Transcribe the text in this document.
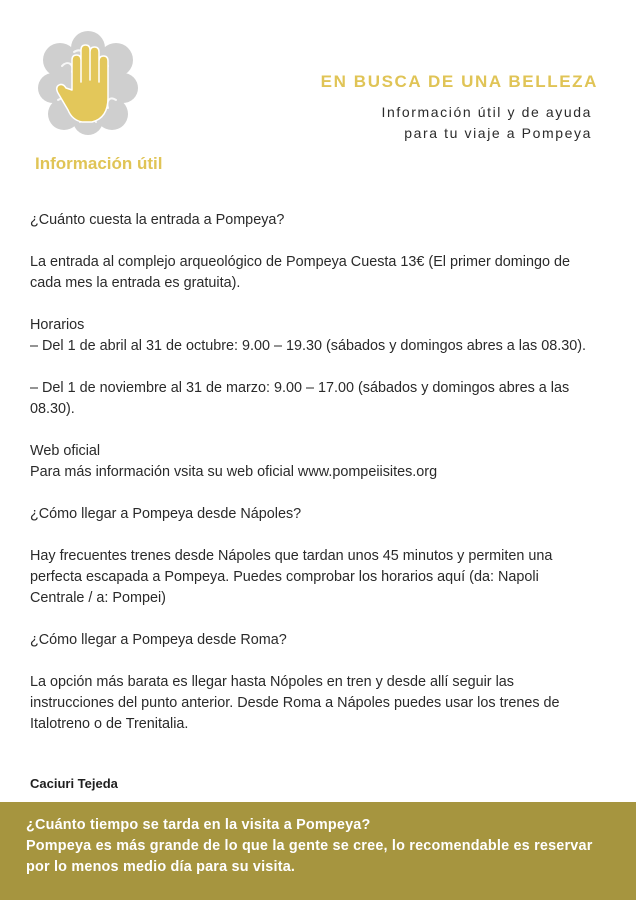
EN BUSCA DE UNA BELLEZA
Información útil y de ayuda
para tu viaje a Pompeya
Información útil

¿Cuánto cuesta la entrada a Pompeya?

La entrada al complejo arqueológico de Pompeya Cuesta 13€ (El primer domingo de cada mes la entrada es gratuita).

Horarios

– Del 1 de abril al 31 de octubre: 9.00 – 19.30 (sábados y domingos abres a las 08.30).

– Del 1 de noviembre al 31 de marzo: 9.00 – 17.00 (sábados y domingos abres a las 08.30).

Web oficial

Para más información vsita su web oficial www.pompeiisites.org

¿Cómo llegar a Pompeya desde Nápoles?

Hay frecuentes trenes desde Nápoles que tardan unos 45 minutos y permiten una perfecta escapada a Pompeya. Puedes comprobar los horarios aquí (da: Napoli Centrale / a: Pompei)

¿Cómo llegar a Pompeya desde Roma?

La opción más barata es llegar hasta Nópoles en tren y desde allí seguir las instrucciones del punto anterior. Desde Roma a Nápoles puedes usar los trenes de Italotreno o de Trenitalia.

Caciuri Tejeda

¿Cuánto tiempo se tarda en la visita a Pompeya?

Pompeya es más grande de lo que la gente se cree, lo recomendable es reservar por lo menos medio día para su visita.
